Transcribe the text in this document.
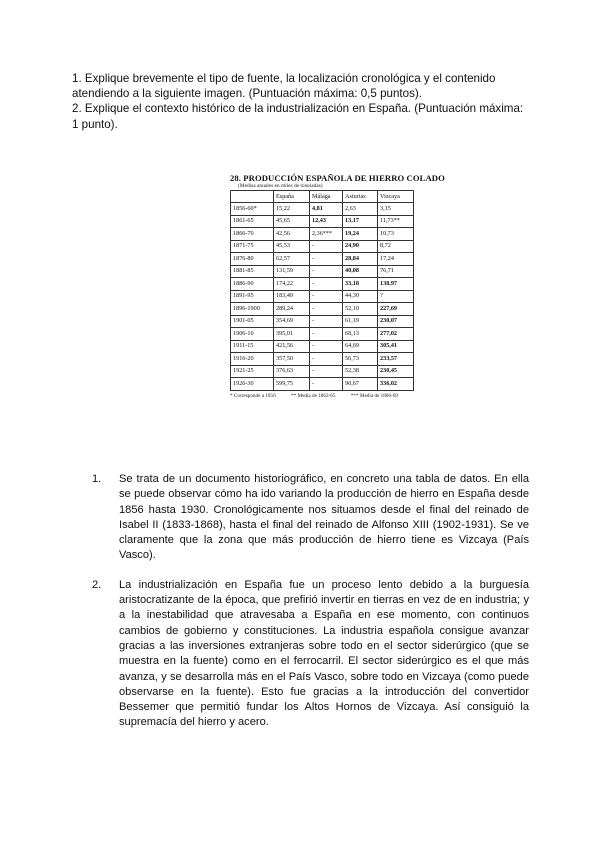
1. Explique brevemente el tipo de fuente, la localización cronológica y el contenido atendiendo a la siguiente imagen. (Puntuación máxima: 0,5 puntos).

2. Explique el contexto histórico de la industrialización en España. (Puntuación máxima: 1 punto).

28. PRODUCCIÓN ESPAÑOLA DE HIERRO COLADO
(Medias anuales en miles de toneladas)
	España	Málaga	Asturias	Vizcaya
1856-60*	15,22	4,81	2,63	3,15
1861-65	45,65	12,43	13,17	11,73**
1866-70	42,56	2,36***	19,24	10,73
1871-75	45,53	-	24,90	8,72
1876-80	62,57	-	28,84	17,24
1881-85	131,59	-	40,08	76,71
1886-90	174,22	-	33,18	138,97
1891-95	183,49	-	44,30	?
1896-1900	289,24	-	52,10	227,69
1901-05	354,69	-	61,19	230,07
1906-10	395,01	-	68,13	277,02
1911-15	421,56	-	64,69	305,41
1916-20	357,50	-	56,73	233,57
1921-25	376,63	-	52,38	230,45
1926-30	599,75	-	90,67	336,02
* Corresponde a 1856	** Media de 1862-65	*** Media de 1866-69
1. Se trata de un documento historiográfico, en concreto una tabla de datos. En ella se puede observar cómo ha ido variando la producción de hierro en España desde 1856 hasta 1930. Cronológicamente nos situamos desde el final del reinado de Isabel II (1833-1868), hasta el final del reinado de Alfonso XIII (1902-1931). Se ve claramente que la zona que más producción de hierro tiene es Vizcaya (País Vasco).
2. La industrialización en España fue un proceso lento debido a la burguesía aristocratizante de la época, que prefirió invertir en tierras en vez de en industria; y a la inestabilidad que atravesaba a España en ese momento, con continuos cambios de gobierno y constituciones. La industria española consigue avanzar gracias a las inversiones extranjeras sobre todo en el sector siderúrgico (que se muestra en la fuente) como en el ferrocarril. El sector siderúrgico es el que más avanza, y se desarrolla más en el País Vasco, sobre todo en Vizcaya (como puede observarse en la fuente). Esto fue gracias a la introducción del convertidor Bessemer que permitió fundar los Altos Hornos de Vizcaya. Así consiguió la supremacía del hierro y acero.
